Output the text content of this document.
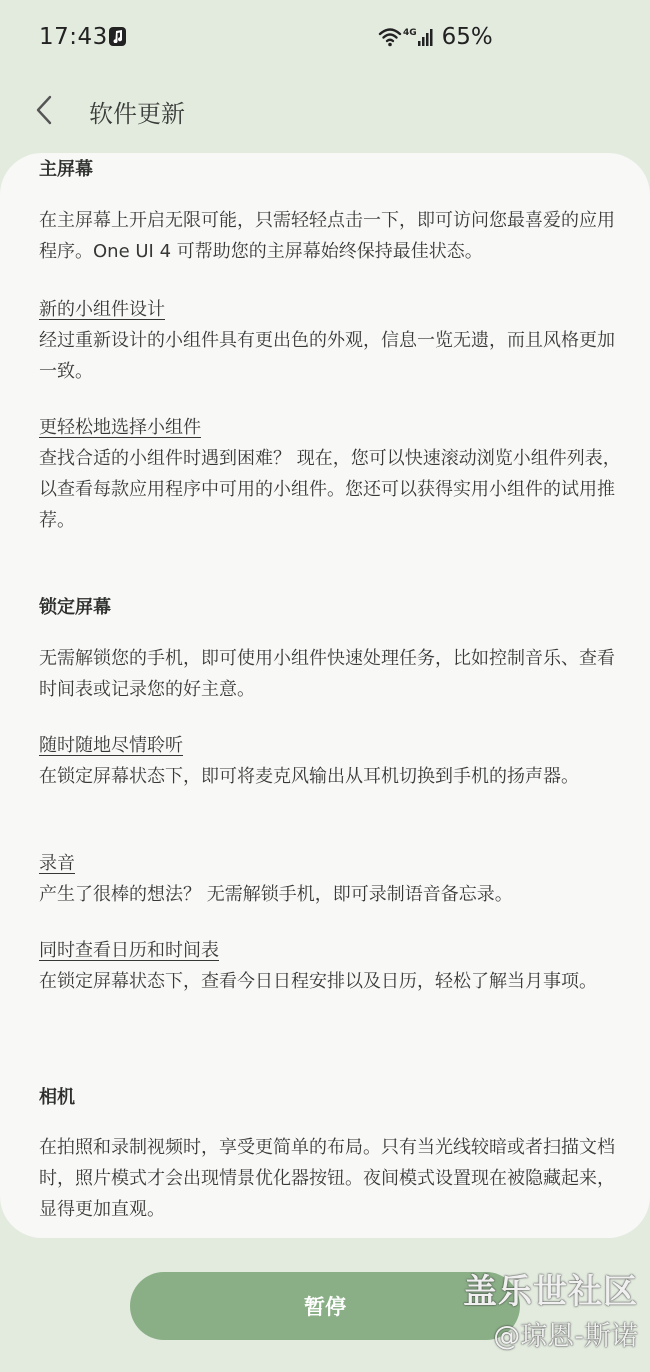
17:43	4G 65%
软件更新
主屏幕
在主屏幕上开启无限可能，只需轻轻点击一下，即可访问您最喜爱的应用程序。One UI 4 可帮助您的主屏幕始终保持最佳状态。
新的小组件设计
经过重新设计的小组件具有更出色的外观，信息一览无遗，而且风格更加一致。
更轻松地选择小组件
查找合适的小组件时遇到困难？ 现在，您可以快速滚动浏览小组件列表，以查看每款应用程序中可用的小组件。您还可以获得实用小组件的试用推荐。
锁定屏幕
无需解锁您的手机，即可使用小组件快速处理任务，比如控制音乐、查看时间表或记录您的好主意。
随时随地尽情聆听
在锁定屏幕状态下，即可将麦克风输出从耳机切换到手机的扬声器。
录音
产生了很棒的想法？ 无需解锁手机，即可录制语音备忘录。
同时查看日历和时间表
在锁定屏幕状态下，查看今日日程安排以及日历，轻松了解当月事项。
相机
在拍照和录制视频时，享受更简单的布局。只有当光线较暗或者扫描文档时，照片模式才会出现情景优化器按钮。夜间模式设置现在被隐藏起来，显得更加直观。
暂停	盖乐世社区
@琼恩-斯诺
